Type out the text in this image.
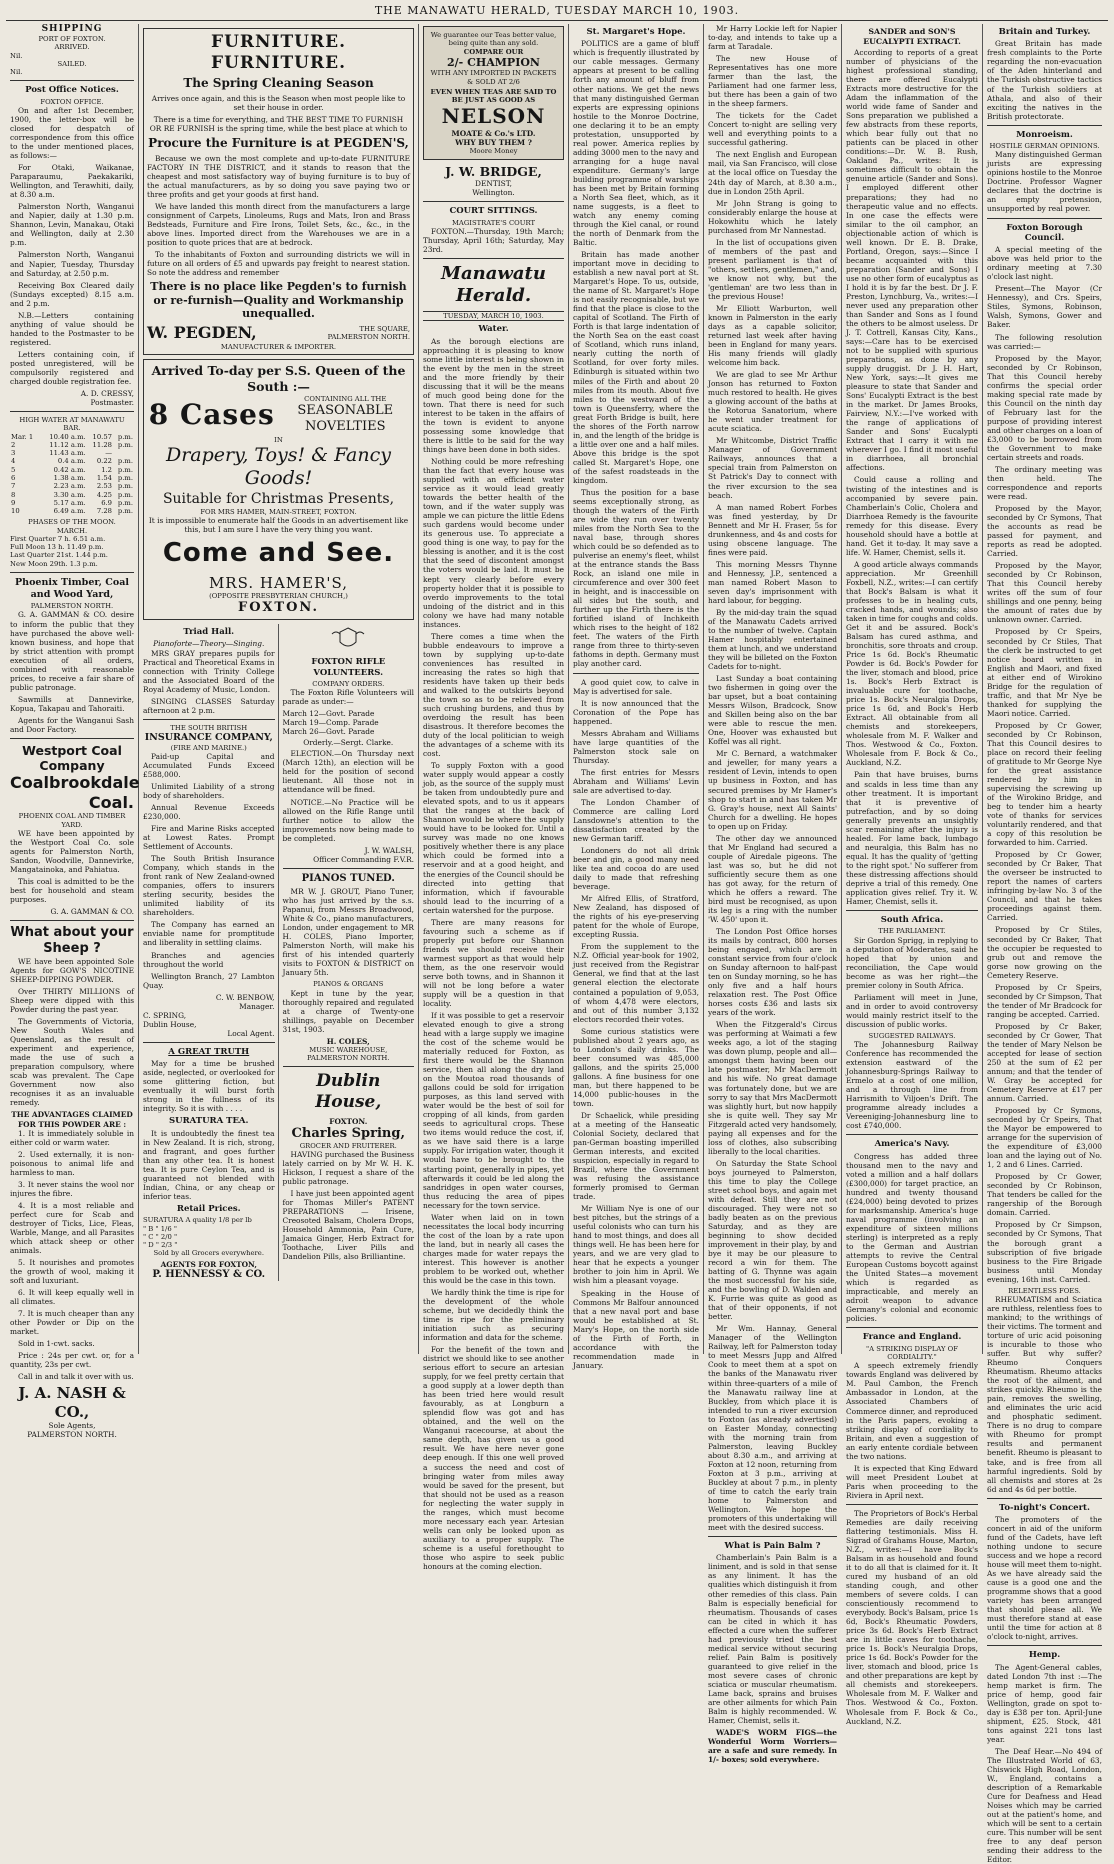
THE MANAWATU HERALD, TUESDAY MARCH 10, 1903.
SHIPPING
PORT OF FOXTON.
ARRIVED.
Nil.
SAILED.
Nil.
Post Office Notices.
FOXTON OFFICE.

On and after 1st December, 1900, the letter-box will be closed for despatch of correspondence from this office to the under mentioned places, as follows:—

For Otaki, Waikanae, Paraparaumu, Paekakariki, Wellington, and Terawhiti, daily, at 8.30 a.m.

Palmerston North, Wanganui and Napier, daily at 1.30 p.m. Shannon, Levin, Manakau, Otaki and Wellington, daily at 2.30 p.m.

Palmerston North, Wanganui and Napier, Tuesday, Thursday and Saturday, at 2.50 p.m.

Receiving Box Cleared daily (Sundays excepted) 8.15 a.m. and 2 p.m.

N.B.—Letters containing anything of value should be handed to the Postmaster to be registered.

Letters containing coin, if posted unregistered, will be compulsorily registered and charged double registration fee.

A. D. CRESSY,
Postmaster.
HIGH WATER AT MANAWATU BAR.
Mar. 1	10.40 a.m.	10.57	p.m.
2	11.12 a.m.	11.28	p.m.
3	11.43 a.m.	—	
4	0.4 a.m.	0.22	p.m.
5	0.42 a.m.	1.2	p.m.
6	1.38 a.m.	1.54	p.m.
7	2.23 a.m.	2.53	p.m.
8	3.30 a.m.	4.25	p.m.
9	5.17 a.m.	6.9	p.m.
10	6.49 a.m.	7.28	p.m.
PHASES OF THE MOON.
MARCH.
First Quarter 7 h. 6.51 a.m.
Full Moon 13 h. 11.49 p.m.
Last Quarter 21st. 1.44 p.m.
New Moon 29th. 1.3 p.m.
Phoenix Timber, Coal and Wood Yard,
PALMERSTON NORTH.

G. A. GAMMAN & CO. desire to inform the public that they have purchased the above well-known business, and hope that by strict attention with prompt execution of all orders, combined with reasonable prices, to receive a fair share of public patronage.

Sawmills at Dannevirke, Kopua, Takapau and Tahoraiti.

Agents for the Wanganui Sash and Door Factory.

Westport Coal Company
Coalbrookdale
Coal.
PHOENIX COAL AND TIMBER YARD.

WE have been appointed by the Westport Coal Co. sole agents for Palmerston North, Sandon, Woodville, Dannevirke, Mangatainoka, and Pahiatua.

This coal is admitted to be the best for household and steam purposes.

G. A. GAMMAN & CO.
What about your Sheep ?

WE have been appointed Sole Agents for GOW'S NICOTINE SHEEP-DIPPING POWDER.

Over THIRTY MILLIONS of Sheep were dipped with this Powder during the past year.

The Governments of Victoria, New South Wales and Queensland, as the result of experiment and experience, made the use of such a preparation compulsory, where scab was prevalent. The Cape Government now also recognises it as an invaluable remedy.

THE ADVANTAGES CLAIMED FOR THIS POWDER ARE :

1. It is immediately soluble in either cold or warm water.

2. Used externally, it is non-poisonous to animal life and harmless to man.

3. It never stains the wool nor injures the fibre.

4. It is a most reliable and perfect cure for Scab and destroyer of Ticks, Lice, Fleas, Warble, Mange, and all Parasites which attack sheep or other animals.

5. It nourishes and promotes the growth of wool, making it soft and luxuriant.

6. It will keep equally well in all climates.

7. It is much cheaper than any other Powder or Dip on the market.

Sold in 1-cwt. sacks.

Price : 24s per cwt. or, for a quantity, 23s per cwt.

Call in and talk it over with us.

J. A. NASH & CO.,
Sole Agents,
PALMERSTON NORTH.
FURNITURE. FURNITURE.
The Spring Cleaning Season

Arrives once again, and this is the Season when most people like to set their house in order.

There is a time for everything, and THE BEST TIME TO FURNISH OR RE FURNISH is the spring time, while the best place at which to

Procure the Furniture is at PEGDEN'S,

Because we own the most complete and up-to-date FURNITURE FACTORY IN THE DISTRICT, and it stands to reason that the cheapest and most satisfactory way of buying furniture is to buy of the actual manufacturers, as by so doing you save paying two or three profits and get your goods at first hand.

We have landed this month direct from the manufacturers a large consignment of Carpets, Linoleums, Rugs and Mats, Iron and Brass Bedsteads, Furniture and Fire Irons, Toilet Sets, &c., &c., in the above lines. Imported direct from the Warehouses we are in a position to quote prices that are at bedrock.

To the inhabitants of Foxton and surrounding districts we will in future on all orders of £5 and upwards pay freight to nearest station. So note the address and remember

There is no place like Pegden's to furnish or re-furnish—Quality and Workmanship unequalled.
W. PEGDEN,	THE SQUARE,
PALMERSTON NORTH.
MANUFACTURER & IMPORTER.
Arrived To-day per S.S. Queen of the South :—
8 Cases	CONTAINING ALL THE
SEASONABLE NOVELTIES
IN
Drapery, Toys! & Fancy Goods!
Suitable for Christmas Presents,
FOR MRS HAMER, MAIN-STREET, FOXTON.

It is impossible to enumerate half the Goods in an advertisement like this, but I am sure I have the very thing you want.

Come and See.
MRS. HAMER'S,
(OPPOSITE PRESBYTERIAN CHURCH,)
FOXTON.
Triad Hall.
Pianoforte—Theory—Singing.

MRS GRAY prepares pupils for Practical and Theoretical Exams in connection with Trinity College and the Associated Board of the Royal Academy of Music, London.

SINGING CLASSES Saturday afternoon at 2 p.m.

THE SOUTH BRITISH
INSURANCE COMPANY,
(FIRE AND MARINE.)

Paid-up Capital and Accumulated Funds Exceed £588,000.

Unlimited Liability of a strong body of shareholders.

Annual Revenue Exceeds £230,000.

Fire and Marine Risks accepted at Lowest Rates. Prompt Settlement of Accounts.

The South British Insurance Company, which stands in the front rank of New Zealand-owned companies, offers to insurers sterling security, besides the unlimited liability of its shareholders.

The Company has earned an enviable name for promptitude and liberality in settling claims.

Branches and agencies throughout the world

Wellington Branch, 27 Lambton Quay.

C. W. BENBOW,
Manager.
C. SPRING,
Dublin House,
Local Agent.
A GREAT TRUTH

May for a time be brushed aside, neglected, or overlooked for some glittering fiction, but eventually it will burst forth strong in the fullness of its integrity. So it is with . . . .

SURATURA TEA.

It is undoubtedly the finest tea in New Zealand. It is rich, strong, and fragrant, and goes further than any other tea. It is honest tea. It is pure Ceylon Tea, and is guaranteed not blended with Indian, China, or any cheap or inferior teas.

Retail Prices.
SURATURA A quality 1/8 per lb
" B " 1/6 "
" C " 2/0 "
" D " 2/3 "
Sold by all Grocers everywhere.
AGENTS FOR FOXTON,
P. HENNESSY & CO.
FOXTON RIFLE VOLUNTEERS.
COMPANY ORDERS.

The Foxton Rifle Volunteers will parade as under:—

March 12—Govt. Parade
March 19—Comp. Parade
March 26—Govt. Parade
Orderly.—Sergt. Clarke.

ELECTION.—On Thursday next (March 12th), an election will be held for the position of second lieutenant. All those not in attendance will be fined.

NOTICE.—No Practice will be allowed on the Rifle Range until further notice to allow the improvements now being made to be completed.

J. W. WALSH,
Officer Commanding F.V.R.
PIANOS TUNED.

MR W. J. GROUT, Piano Tuner, who has just arrived by the s.s. Papanui, from Messrs Broadwood, White & Co., piano manufacturers, London, under engagement to MR H. COLES, Piano Importer, Palmerston North, will make his first of his intended quarterly visits to FOXTON & DISTRICT on January 5th.

PIANOS & ORGANS

Kept in tune by the year, thoroughly repaired and regulated at a charge of Twenty-one shillings, payable on December 31st, 1903.

H. COLES,
MUSIC WAREHOUSE,
PALMERSTON NORTH.
Dublin House,
FOXTON.
Charles Spring,
GROCER AND FRUITERER.

HAVING purchased the Business lately carried on by Mr W. H. K. Hickson, I request a share of the public patronage.

I have just been appointed agent for Thomas Miller's PATENT PREPARATIONS — Irisene, Creosoted Balsam, Cholera Drops, Household Ammonia, Pain Cure, Jamaica Ginger, Herb Extract for Toothache, Liver Pills and Dandelion Pills, also Brilliantine.

We guarantee our Teas better value, being quite than any sold.
COMPARE OUR
2/- CHAMPION
WITH ANY IMPORTED IN PACKETS & SOLD AT 2/6
EVEN WHEN TEAS ARE SAID TO BE JUST AS GOOD AS
NELSON
MOATE & Co.'s LTD.
WHY BUY THEM ?
Moore Money
J. W. BRIDGE,
DENTIST,
Wellington.
COURT SITTINGS.
MAGISTRATE'S COURT

FOXTON.—Thursday, 19th March; Thursday, April 16th; Saturday, May 23rd.

Manawatu Herald.
TUESDAY, MARCH 10, 1903.
Water.

As the borough elections are approaching it is pleasing to know some little interest is being shown in the event by the men in the street and the more friendly by their discussing that it will be the means of much good being done for the town. That there is need for such interest to be taken in the affairs of the town is evident to anyone possessing some knowledge that there is little to be said for the way things have been done in both sides.

Nothing could be more refreshing than the fact that every house was supplied with an efficient water service as it would lead greatly towards the better health of the town, and if the water supply was ample we can picture the little Edens such gardens would become under its generous use. To appreciate a good thing is one way, to pay for the blessing is another, and it is the cost that the seed of discontent amongst the voters would be laid. It must be kept very clearly before every property holder that it is possible to overdo improvements to the total undoing of the district and in this colony we have had many notable instances.

There comes a time when the bubble endeavours to improve a town by supplying up-to-date conveniences has resulted in increasing the rates so high that residents have taken up their beds and walked to the outskirts beyond the town so as to be relieved from such crushing burdens, and thus by overdoing the result has been disastrous. It therefore becomes the duty of the local politician to weigh the advantages of a scheme with its cost.

To supply Foxton with a good water supply would appear a costly job, as the source of the supply must be taken from undoubtedly pure and elevated spots, and to us it appears that the ranges at the back of Shannon would be where the supply would have to be looked for. Until a survey was made no one knows positively whether there is any place which could be formed into a reservoir and at a good height, and the energies of the Council should be directed into getting that information, which if favourable should lead to the incurring of a certain watershed for the purpose.

There are many reasons for favouring such a scheme as if properly put before our Shannon friends we should receive their warmest support as that would help them, as the one reservoir would serve both towns, and in Shannon it will not be long before a water supply will be a question in that locality.

If it was possible to get a reservoir elevated enough to give a strong head with a large supply we imagine the cost of the scheme would be materially reduced for Foxton, as first there would be the Shannon service, then all along the dry land on the Moutoa road thousands of gallons could be sold for irrigation purposes, as this land served with water would be the best of soil for cropping of all kinds, from garden seeds to agricultural crops. These two items would reduce the cost, if, as we have said there is a large supply. For irrigation water, though it would have to be brought to the starting point, generally in pipes, yet afterwards it could be led along the sandridges in open water courses, thus reducing the area of pipes necessary for the town service.

Water when laid on in town necessitates the local body incurring the cost of the loan by a rate upon the land, but in nearly all cases the charges made for water repays the interest. This however is another problem to be worked out, whether this would be the case in this town.

We hardly think the time is ripe for the development of the whole scheme, but we decidedly think the time is ripe for the preliminary initiation such as securing information and data for the scheme.

For the benefit of the town and district we should like to see another serious effort to secure an artesian supply, for we feel pretty certain that a good supply at a lower depth than has been tried here would result favourably, as at Longburn a splendid flow was got and has obtained, and the well on the Wanganui racecourse, at about the same depth, has given us a good result. We have here never gone deep enough. If this one well proved a success the need and cost of bringing water from miles away would be saved for the present, but that should not be used as a reason for neglecting the water supply in the ranges, which must become more necessary each year. Artesian wells can only be looked upon as auxiliary to a proper supply. The scheme is a useful forethought to those who aspire to seek public honours at the coming election.

St. Margaret's Hope.

POLITICS are a game of bluff which is frequently illustrated by our cable messages. Germany appears at present to be calling forth any amount of bluff from other nations. We get the news that many distinguished German experts are expressing opinions hostile to the Monroe Doctrine, one declaring it to be an empty protestation, unsupported by real power. America replies by adding 3000 men to the navy and arranging for a huge naval expenditure. Germany's large building programme of warships has been met by Britain forming a North Sea fleet, which, as it name suggests, is a fleet to watch any enemy coming through the Kiel canal, or round the north of Denmark from the Baltic.

Britain has made another important move in deciding to establish a new naval port at St. Margaret's Hope. To us, outside, the name of St. Margaret's Hope is not easily recognisable, but we find that the place is close to the capital of Scotland. The Firth of Forth is that large indentation of the North Sea on the east coast of Scotland, which runs inland, nearly cutting the north of Scotland, for over forty miles. Edinburgh is situated within two miles of the Firth and about 20 miles from its mouth. About five miles to the westward of the town is Queensferry, where the great Forth Bridge is built, here the shores of the Forth narrow in, and the length of the bridge is a little over one and a half miles. Above this bridge is the spot called St. Margaret's Hope, one of the safest roadsteads in the kingdom.

Thus the position for a base seems exceptionally strong, as though the waters of the Firth are wide they run over twenty miles from the North Sea to the naval base, through shores which could be so defended as to pulverise an enemy's fleet, whilst at the entrance stands the Bass Rock, an island one mile in circumference and over 300 feet in height, and is inaccessible on all sides but the south, and further up the Firth there is the fortified island of Inchkeith which rises to the height of 182 feet. The waters of the Firth range from three to thirty-seven fathoms in depth. Germany must play another card.

A good quiet cow, to calve in May is advertised for sale.

It is now announced that the Coronation of the Pope has happened.

Messrs Abraham and Williams have large quantities of the Palmerston stock sale on Thursday.

The first entries for Messrs Abraham and Williams' Levin sale are advertised to-day.

The London Chamber of Commerce are calling Lord Lansdowne's attention to the dissatisfaction created by the new German tariff.

Londoners do not all drink beer and gin, a good many need like tea and cocoa do are used daily to made that refreshing beverage.

Mr Alfred Ellis, of Stratford, New Zealand, has disposed of the rights of his eye-preserving patent for the whole of Europe, excepting Russia.

From the supplement to the N.Z. Official year-book for 1902, just received from the Registrar General, we find that at the last general election the electorate contained a population of 9,053, of whom 4,478 were electors, and out of this number 3,132 electors recorded their votes.

Some curious statistics were published about 2 years ago, as to London's daily drinks. The beer consumed was 485,000 gallons, and the spirits 25,000 gallons. A fine business for one man, but there happened to be 14,000 public-houses in the town.

Dr Schaelick, while presiding at a meeting of the Hanseatic Colonial Society, declared that pan-German boasting imperilled German interests, and excited suspicion, especially in regard to Brazil, where the Government was refusing the assistance formerly promised to German trade.

Mr William Nye is one of our best pitches, but the strings of a useful colonists who can turn his hand to most things, and does all things well. He has been here for years, and we are very glad to hear that he expects a younger brother to join him in April. We wish him a pleasant voyage.

Speaking in the House of Commons Mr Balfour announced that a new naval port and base would be established at St. Mary's Hope, on the north side of the Firth of Forth, in accordance with the recommendation made in January.

Mr Harry Lockie left for Napier to-day, and intends to take up a farm at Taradale.

The new House of Representatives has one more farmer than the last, the Parliament had one farmer less, but there has been a gain of two in the sheep farmers.

The tickets for the Cadet Concert to-night are selling very well and everything points to a successful gathering.

The next English and European mail, via San Francisco, will close at the local office on Tuesday the 24th day of March, at 8.30 a.m., due in London 25th April.

Mr John Strang is going to considerably enlarge the house at Hokowhitu which he lately purchased from Mr Nannestad.

In the list of occupations given of members of the past and present parliament is that of "others, settlers, gentlemen," and, we know not why, but the 'gentleman' are two less than in the previous House!

Mr Elliott Warburton, well known in Palmerston in the early days as a capable solicitor, returned last week after having been in England for many years. His many friends will gladly welcome him back.

We are glad to see Mr Arthur Jonson has returned to Foxton much restored to health. He gives a glowing account of the baths at the Rotorua Sanatorium, where he went under treatment for acute sciatica.

Mr Whitcombe, District Traffic Manager of Government Railways, announces that a special train from Palmerston on St Patrick's Day to connect with the river excursion to the sea beach.

A man named Robert Forbes was fined yesterday, by Dr Bennett and Mr H. Fraser, 5s for drunkenness, and 4s and costs for using obscene language. The fines were paid.

This morning Messrs Thynne and Hennessy, J.P., sentenced a man named Robert Mason to seven day's imprisonment with hard labour, for begging.

By the mid-day train the squad of the Manawatu Cadets arrived to the number of twelve. Captain Hamer hospitably entertained them at lunch, and we understand they will be billeted on the Foxton Cadets for to-night.

Last Sunday a boat containing two fishermen in going over the bar upset, but a boat containing Messrs Wilson, Bradcock, Snow and Skillen being also on the bar were able to rescue the men. One, Hoover was exhausted but Koffel was all right.

Mr C. Bernard, a watchmaker and jeweller, for many years a resident of Levin, intends to open up business in Foxton, and has secured premises by Mr Hamer's shop to start in and has taken Mr G. Gray's house, next All Saints' Church for a dwelling. He hopes to open up on Friday.

The other day we announced that Mr England had secured a couple of Airedale pigeons. The last was so, but he did not sufficiently secure them as one has got away, for the return of which he offers a reward. The bird must be recognised, as upon its leg is a ring with the number 'W. 450' upon it.

The London Post Office horses its mails by contract, 800 horses being engaged, which are in constant service from four o'clock on Sunday afternoon to half-past ten on Sunday morning, so he has only five and a half hours relaxation rest. The Post Office horses costs £36 and lasts six years of the work.

When the Fitzgerald's Circus was performing at Waimati a few weeks ago, a lot of the staging was down plump, people and all—amongst them having been our late postmaster, Mr MacDermott and his wife. No great damage was fortunately done, but we are sorry to say that Mrs MacDermott was slightly hurt, but now happily she is quite well. They say Mr Fitzgerald acted very handsomely, paying all expenses and for the loss of clothes, also subscribing liberally to the local charities.

On Saturday the State School boys journeyed to Palmerston, this time to play the College street school boys, and again met with defeat. Still they are not discouraged. They were not so badly beaten as on the previous Saturday, and as they are beginning to show decided improvement in their play, by and bye it may be our pleasure to record a win for them. The batting of G. Thynne was again the most successful for his side, and the bowling of D. Walden and K. Furrie was quite as good as that of their opponents, if not better.

Mr Wm. Hannay, General Manager of the Wellington Railway, left for Palmerston today to meet Messrs Jupp and Alfred Cook to meet them at a spot on the banks of the Manawatu river within three-quarters of a mile of the Manawatu railway line at Buckley, from which place it is intended to run a river excursion to Foxton (as already advertised) on Easter Monday, connecting with the morning train from Palmerston, leaving Buckley about 8.30 a.m., and arriving at Foxton at 12 noon, returning from Foxton at 3 p.m., arriving at Buckley at about 7 p.m., in plenty of time to catch the early train home to Palmerston and Wellington. We hope the promoters of this undertaking will meet with the desired success.

What is Pain Balm ?

Chamberlain's Pain Balm is a liniment, and is sold in that sense as any liniment. It has the qualities which distinguish it from other remedies of this class. Pain Balm is especially beneficial for rheumatism. Thousands of cases can be cited in which it has effected a cure when the sufferer had previously tried the best medical service without securing relief. Pain Balm is positively guaranteed to give relief in the most severe cases of chronic sciatica or muscular rheumatism. Lame back, sprains and bruises are other ailments for which Pain Balm is highly recommended. W. Hamer, Chemist, sells it.

WADE'S WORM FIGS—the Wonderful Worm Worriers—are a safe and sure remedy. In 1/- boxes; sold everywhere.

SANDER and SON'S EUCALYPTI EXTRACT.

According to reports of a great number of physicians of the highest professional standing, there are offered Eucalypti Extracts more destructive for the Adam the inflammation of the world wide fame of Sander and Sons preparation we published a few abstracts from these reports, which bear fully out that no patients can be placed in other conditions:—Dr. W. B. Rush, Oakland Pa., writes: It is sometimes difficult to obtain the genuine article (Sander and Sons). I employed different other preparations; they had no therapeutic value and no effects. In one case the effects were similar to the oil camphor, an objectionable action of which is well known. Dr E. B. Drake, Portland, Oregon, says:—Since I became acquainted with this preparation (Sander and Sons) I use no other form of eucalyptus as I hold it is by far the best. Dr J. F. Preston, Lynchburg, Va., writes:—I never used any preparation other than Sander and Sons as I found the others to be almost useless. Dr J. T. Cottrell, Kansas City, Kans., says:—Care has to be exercised not to be supplied with spurious preparations, as done by any supply druggist. Dr J. H. Hart, New York, says:—It gives me pleasure to state that Sander and Sons' Eucalypti Extract is the best in the market. Dr James Brooks, Fairview, N.Y.:—I've worked with the range of applications of Sander and Sons' Eucalypti Extract that I carry it with me wherever I go. I find it most useful in diarrhoea, all bronchial affections.

Could cause a rolling and twisting of the intestines and is accompanied by severe pain. Chamberlain's Colic, Cholera and Diarrhoea Remedy is the favourite remedy for this disease. Every household should have a bottle at hand. Get it to-day. It may save a life. W. Hamer, Chemist, sells it.

A good article always commands appreciation. Mr Greenhill Foxbell, N.Z., writes:—I can certify that Bock's Balsam is what it professes to be in healing cuts, cracked hands, and wounds; also taken in time for coughs and colds. Get it and be assured. Bock's Balsam has cured asthma, and bronchitis, sore throats and croup. Price 1s 6d. Bock's Rheumatic Powder is 6d. Bock's Powder for the liver, stomach and blood, price 1s. Bock's Herb Extract is invaluable cure for toothache, price 1s. Bock's Neuralgia Drops, price 1s 6d, and Bock's Herb Extract. All obtainable from all chemists and storekeepers, wholesale from M. F. Walker and Thos. Westwood & Co., Foxton. Wholesale from F. Bock & Co., Auckland, N.Z.

Pain that have bruises, burns and scalds in less time than any other treatment. It is important that it is preventive of putrefaction, and by so doing generally prevents an unsightly scar remaining after the injury is healed. For lame back, lumbago and neuralgia, this Balm has no equal. It has the quality of 'getting to the right spot.' No sufferer from these distressing affections should deprive a trial of this remedy. One application gives relief. Try it. W. Hamer, Chemist, sells it.

South Africa.
THE PARLIAMENT.

Sir Gordon Sprigg, in replying to a deputation of Moderates, said he hoped that by union and reconciliation, the Cape would become as was her right—the premier colony in South Africa.

Parliament will meet in June, and in order to avoid controversy would mainly restrict itself to the discussion of public works.

SUGGESTED RAILWAYS.

The Johannesburg Railway Conference has recommended the extension eastward of the Johannesburg-Springs Railway to Ermelo at a cost of one million, and a through line from Harrismith to Viljoen's Drift. The programme already includes a Vereeniging-Johannesburg line to cost £740,000.

America's Navy.

Congress has added three thousand men to the navy and voted a million and a half dollars (£300,000) for target practice, an hundred and twenty thousand (£24,000) being devoted to prizes for marksmanship. America's huge naval programme (involving an expenditure of sixteen millions sterling) is interpreted as a reply to the German and Austrian attempts to revive the Central European Customs boycott against the United States—a movement which is regarded as impracticable, and merely an adroit weapon to advance Germany's colonial and economic policies.

France and England.
"A STRIKING DISPLAY OF CORDIALITY."

A speech extremely friendly towards England was delivered by M. Paul Cambon, the French Ambassador in London, at the Associated Chambers of Commerce dinner, and reproduced in the Paris papers, evoking a striking display of cordiality to Britain, and even a suggestion of an early entente cordiale between the two nations.

It is expected that King Edward will meet President Loubet at Paris when proceeding to the Riviera in April next.

The Proprietors of Bock's Herbal Remedies are daily receiving flattering testimonials. Miss H. Sigrad of Grahams House, Marton, N.Z., writes:—I have Bock's Balsam in as household and found it to do all that is claimed for it. It cured my husband of an old standing cough, and other members of severe colds. I can conscientiously recommend to everybody. Bock's Balsam, price 1s 6d, Bock's Rheumatic Powders, price 3s 6d. Bock's Herb Extract are in little caves for toothache, price 1s. Bock's Neuralgia Drops, price 1s 6d. Bock's Powder for the liver, stomach and blood, price 1s and other preparations are kept by all chemists and storekeepers. Wholesale from M. F. Walker and Thos. Westwood & Co., Foxton. Wholesale from F. Bock & Co., Auckland, N.Z.

Britain and Turkey.

Great Britain has made fresh complaints to the Porte regarding the non-evacuation of the Aden hinterland and the Turkish obstructive tactics of the Turkish soldiers at Athala, and also of their exciting the natives in the British protectorate.

Monroeism.
HOSTILE GERMAN OPINIONS.

Many distinguished German jurists are expressing opinions hostile to the Monroe Doctrine. Professor Wagner declares that the doctrine is an empty pretension, unsupported by real power.

Foxton Borough Council.

A special meeting of the above was held prior to the ordinary meeting at 7.30 o'clock last night.

Present—The Mayor (Cr Hennessy), and Crs. Speirs, Stiles, Symons, Robinson, Walsh, Symons, Gower and Baker.

The following resolution was carried:—

Proposed by the Mayor, seconded by Cr Robinson, That this Council hereby confirms the special order making special rate made by this Council on the ninth day of February last for the purpose of providing interest and other charges on a loan of £3,000 to be borrowed from the Government to make certain streets and roads.

The ordinary meeting was then held. The correspondence and reports were read.

Proposed by the Mayor, seconded by Cr Symons, That the accounts as read be passed for payment, and reports as read be adopted. Carried.

Proposed by the Mayor, seconded by Cr Robinson, That this Council hereby writes off the sum of four shillings and one penny, being the amount of rates due by unknown owner. Carried.

Proposed by Cr Speirs, seconded by Cr Stiles, That the clerk be instructed to get notice board written in English and Maori, and fixed at either end of Wirokino Bridge for the regulation of traffic, and that Mr Nye be thanked for supplying the Maori notice. Carried.

Proposed by Cr Gower, seconded by Cr Robinson, That this Council desires to place on record their feeling of gratitude to Mr George Nye for the great assistance rendered by him in supervising the screwing up of the Wirokino Bridge, and beg to tender him a hearty vote of thanks for services voluntarily rendered, and that a copy of this resolution be forwarded to him. Carried.

Proposed by Cr Gower, seconded by Cr Baker, That the overseer be instructed to report the names of carters infringing by-law No. 3 of the Council, and that he takes proceedings against them. Carried.

Proposed by Cr Stiles, seconded by Cr Baker, That the occupier be requested to grub out and remove the gorse now growing on the Cemetery Reserve.

Proposed by Cr Speirs, seconded by Cr Simpson, That the tender of Mr Bradcock for ranging be accepted. Carried.

Proposed by Cr Baker, seconded by Cr Gower, That the tender of Mary Nelson be accepted for lease of section 250 at the sum of £2 per annum; and that the tender of W. Gray be accepted for Cemetery Reserve at £17 per annum. Carried.

Proposed by Cr Symons, seconded by Cr Speirs, That the Mayor be empowered to arrange for the supervision of the expenditure of £3,000 loan and the laying out of No. 1, 2 and 6 Lines. Carried.

Proposed by Cr Gower, seconded by Cr Robinson, That tenders be called for the rangership of the Borough domain. Carried.

Proposed by Cr Simpson, seconded by Cr Symons, That the borough grant a subscription of five brigade business to the Fire Brigade business until Monday evening, 16th inst. Carried.

RELENTLESS FOES.

RHEUMATISM and Sciatica are ruthless, relentless foes to mankind; to the writhings of their victims. The torment and torture of uric acid poisoning is incurable to those who suffer. But why suffer? Rheumo Conquers Rheumatism. Rheumo attacks the root of the ailment, and strikes quickly. Rheumo is the pain, removes the swelling, and eliminates the uric acid and phosphatic sediment. There is no drug to compare with Rheumo for prompt results and permanent benefit. Rheumo is pleasant to take, and is free from all harmful ingredients. Sold by all chemists and stores at 2s 6d and 4s 6d per bottle.

To-night's Concert.

The promoters of the concert in aid of the uniform fund of the Cadets, have left nothing undone to secure success and we hope a record house will meet them to-night. As we have already said the cause is a good one and the programme shows that a good variety has been arranged that should please all. We must therefore stand at ease until the time for action at 8 o'clock to-night, arrives.

Hemp.

The Agent-General cables, dated London 7th inst :—The hemp market is firm. The price of hemp, good fair Wellington, grade on spot to-day is £38 per ton. April-June shipment, £25. Stock, 481 tons against 221 tons last year.

The Deaf Hear.—No 494 of The Illustrated World of 63, Chiswick High Road, London, W., England, contains a description of a Remarkable Cure for Deafness and Head Noises which may be carried out at the patient's home, and which will be sent to a certain cure. This number will be sent free to any deaf person sending their address to the Editor.
